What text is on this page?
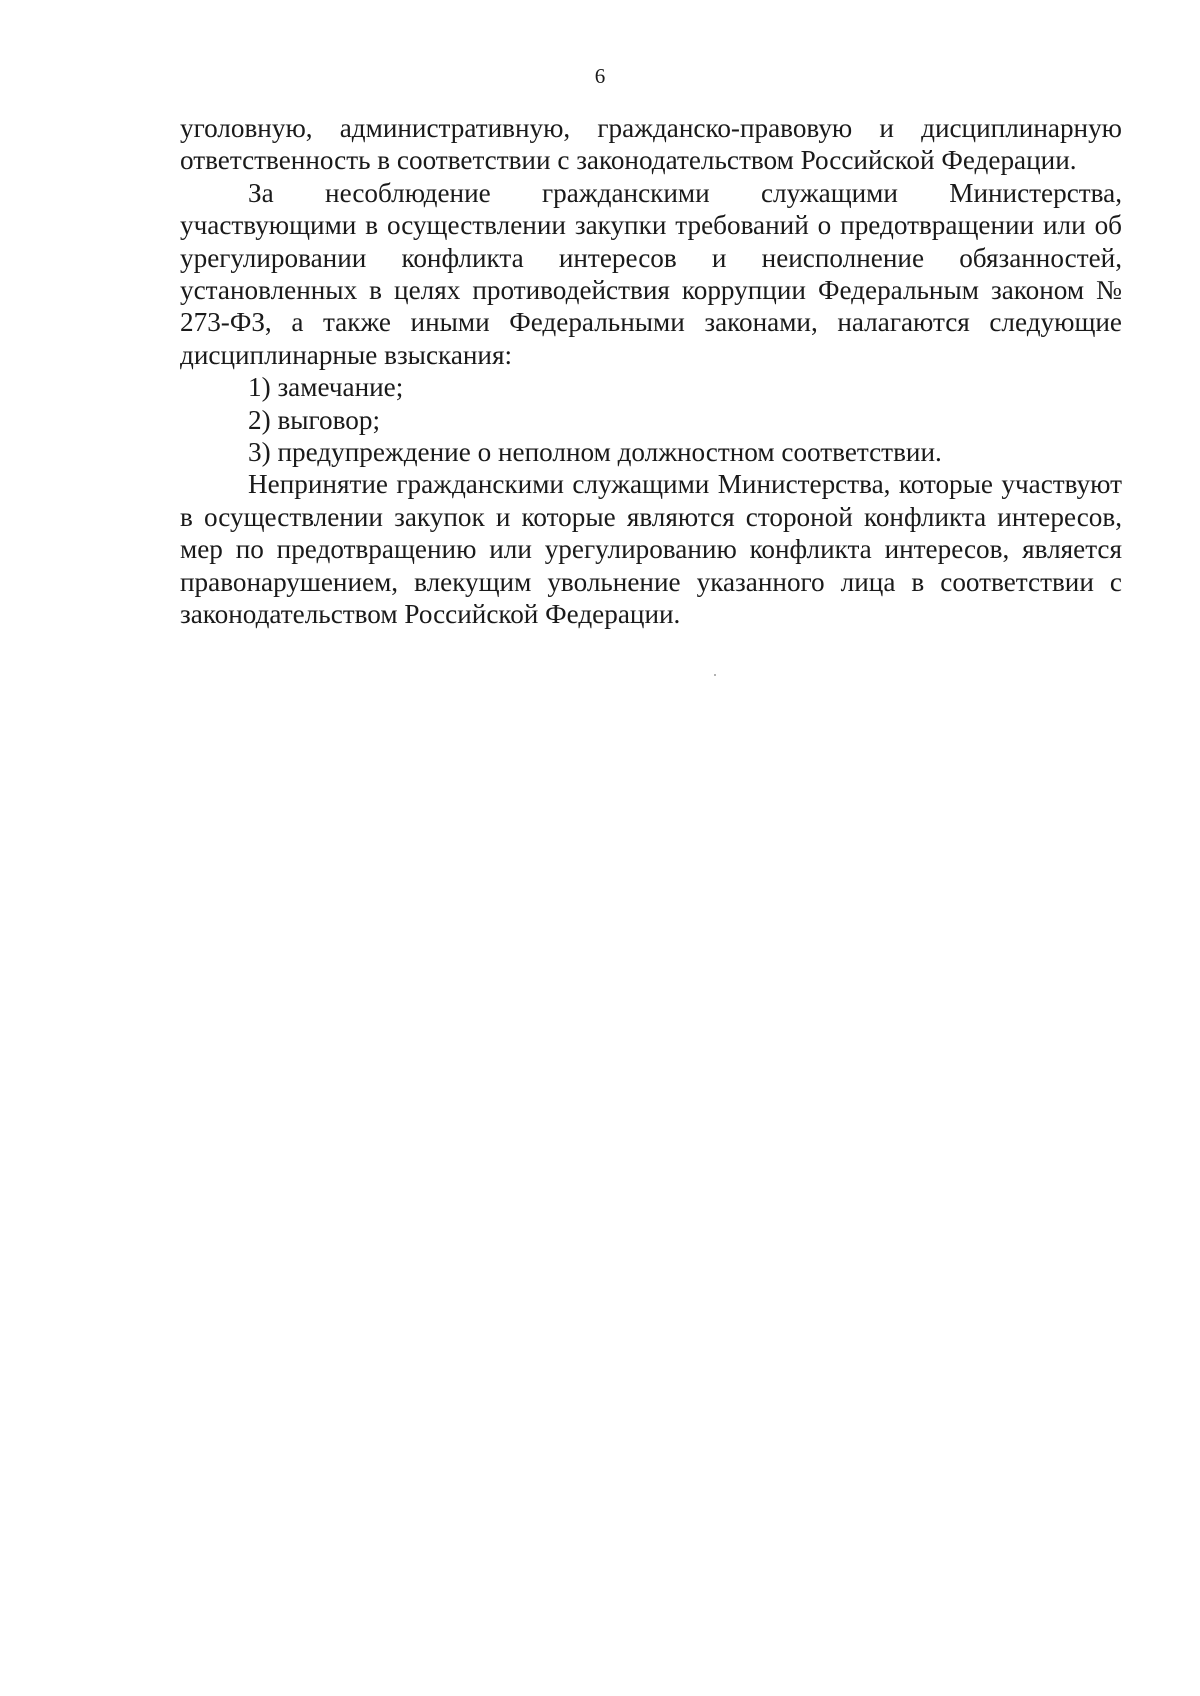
6

уголовную, административную, гражданско-правовую и дисциплинарную ответственность в соответствии с законодательством Российской Федерации.

За несоблюдение гражданскими служащими Министерства, участвующими в осуществлении закупки требований о предотвращении или об урегулировании конфликта интересов и неисполнение обязанностей, установленных в целях противодействия коррупции Федеральным законом № 273-ФЗ, а также иными Федеральными законами, налагаются следующие дисциплинарные взыскания:

1) замечание;

2) выговор;

3) предупреждение о неполном должностном соответствии.

Непринятие гражданскими служащими Министерства, которые участвуют в осуществлении закупок и которые являются стороной конфликта интересов, мер по предотвращению или урегулированию конфликта интересов, является правонарушением, влекущим увольнение указанного лица в соответствии с законодательством Российской Федерации.
